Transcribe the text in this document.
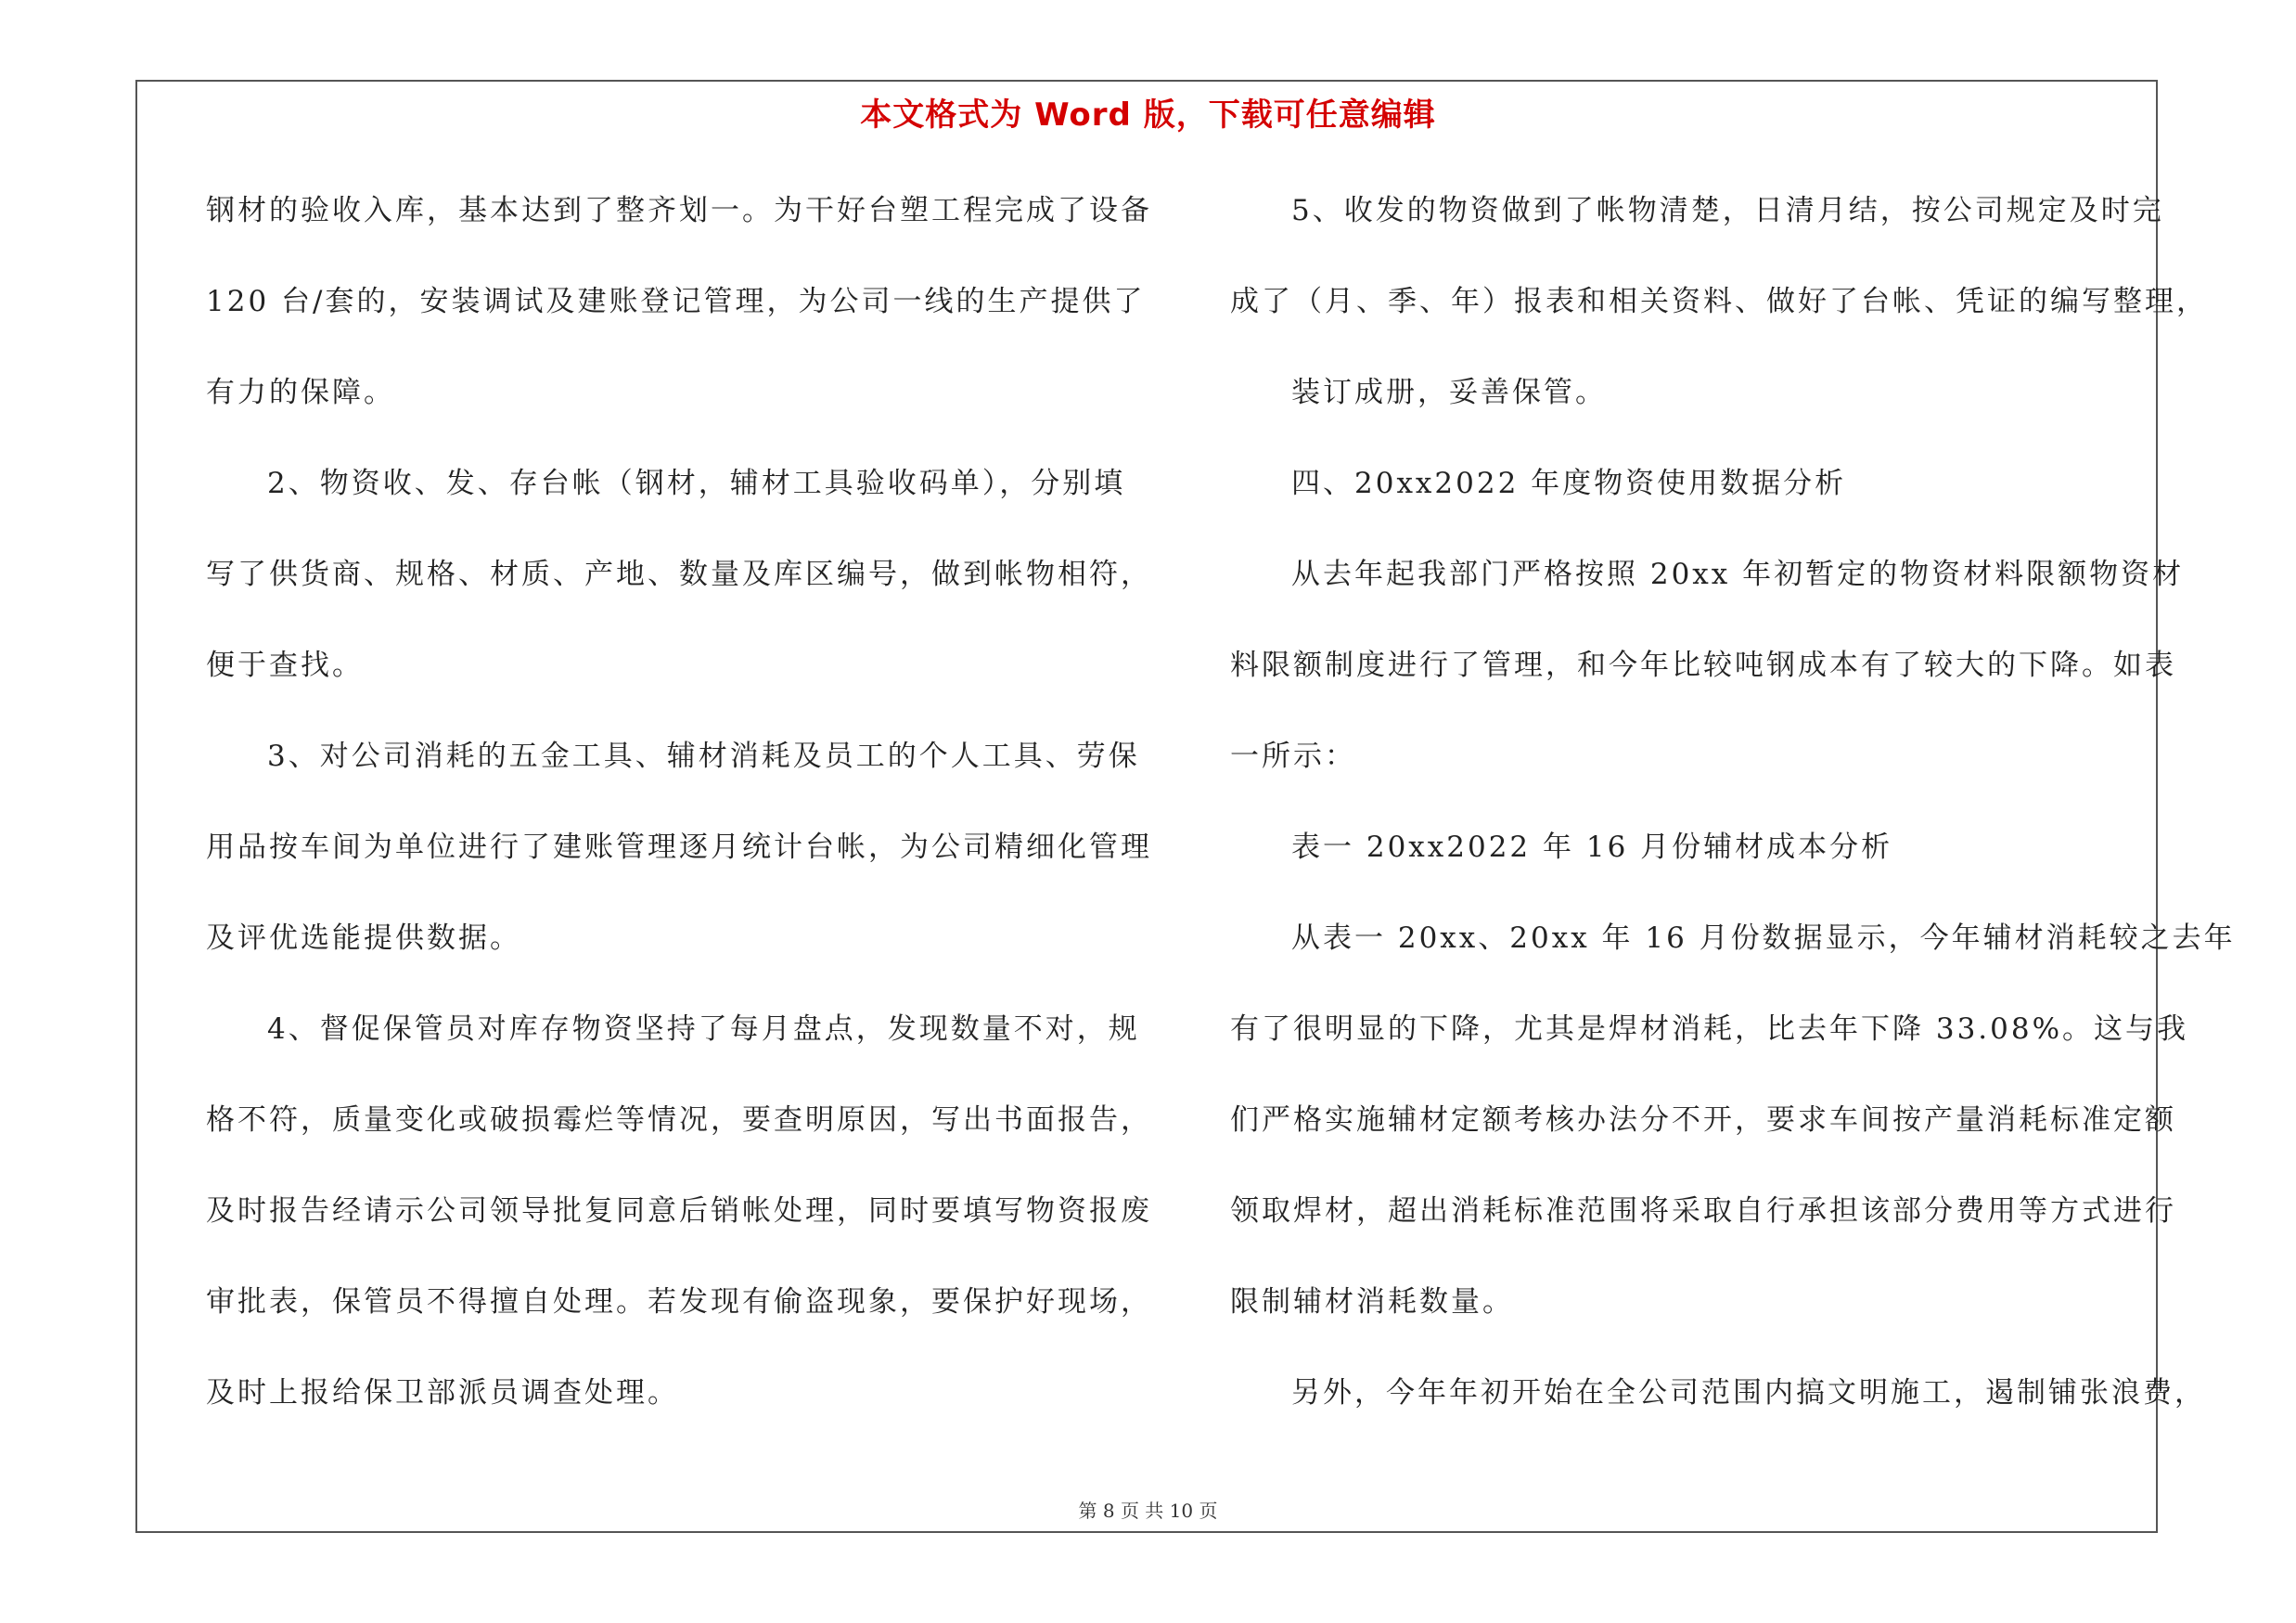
本文格式为 Word 版，下载可任意编辑
钢材的验收入库，基本达到了整齐划一。为干好台塑工程完成了设备
120 台/套的，安装调试及建账登记管理，为公司一线的生产提供了
有力的保障。
2、物资收、发、存台帐（钢材，辅材工具验收码单），分别填
写了供货商、规格、材质、产地、数量及库区编号，做到帐物相符，
便于查找。
3、对公司消耗的五金工具、辅材消耗及员工的个人工具、劳保
用品按车间为单位进行了建账管理逐月统计台帐，为公司精细化管理
及评优选能提供数据。
4、督促保管员对库存物资坚持了每月盘点，发现数量不对，规
格不符，质量变化或破损霉烂等情况，要查明原因，写出书面报告，
及时报告经请示公司领导批复同意后销帐处理，同时要填写物资报废
审批表，保管员不得擅自处理。若发现有偷盗现象，要保护好现场，
及时上报给保卫部派员调查处理。
5、收发的物资做到了帐物清楚，日清月结，按公司规定及时完
成了（月、季、年）报表和相关资料、做好了台帐、凭证的编写整理，
装订成册，妥善保管。
四、20xx2022 年度物资使用数据分析
从去年起我部门严格按照 20xx 年初暂定的物资材料限额物资材
料限额制度进行了管理，和今年比较吨钢成本有了较大的下降。如表
一所示：
表一 20xx2022 年 16 月份辅材成本分析
从表一 20xx、20xx 年 16 月份数据显示，今年辅材消耗较之去年
有了很明显的下降，尤其是焊材消耗，比去年下降 33.08%。这与我
们严格实施辅材定额考核办法分不开，要求车间按产量消耗标准定额
领取焊材，超出消耗标准范围将采取自行承担该部分费用等方式进行
限制辅材消耗数量。
另外，今年年初开始在全公司范围内搞文明施工，遏制铺张浪费，
第 8 页 共 10 页
